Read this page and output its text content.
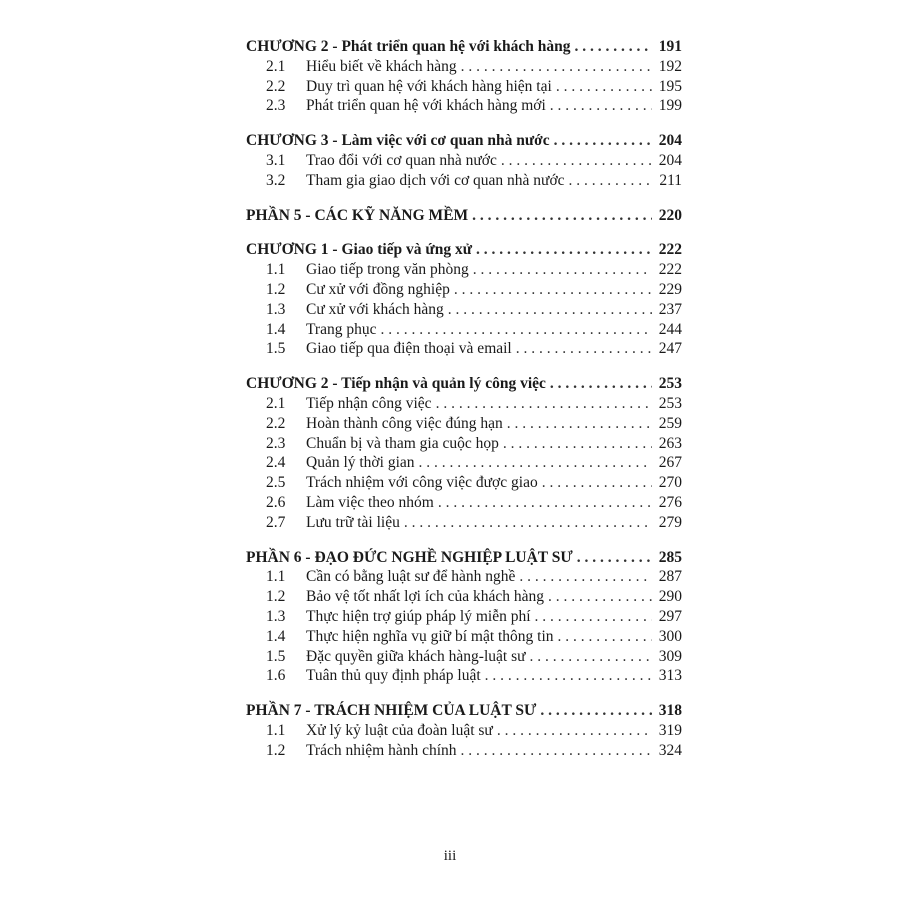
CHƯƠNG 2 - Phát triển quan hệ với khách hàng . . .	191
2.1	Hiểu biết về khách hàng . . .	192
2.2	Duy trì quan hệ với khách hàng hiện tại . . .	195
2.3	Phát triển quan hệ với khách hàng mới . . .	199
CHƯƠNG 3 - Làm việc với cơ quan nhà nước . . .	204
3.1	Trao đổi với cơ quan nhà nước . . .	204
3.2	Tham gia giao dịch với cơ quan nhà nước . . .	211
PHẦN 5 - CÁC KỸ NĂNG MỀM . . .	220
CHƯƠNG 1 - Giao tiếp và ứng xử . . .	222
1.1	Giao tiếp trong văn phòng . . .	222
1.2	Cư xử với đồng nghiệp . . .	229
1.3	Cư xử với khách hàng . . .	237
1.4	Trang phục . . .	244
1.5	Giao tiếp qua điện thoại và email . . .	247
CHƯƠNG 2 - Tiếp nhận và quản lý công việc . . .	253
2.1	Tiếp nhận công việc . . .	253
2.2	Hoàn thành công việc đúng hạn . . .	259
2.3	Chuẩn bị và tham gia cuộc họp . . .	263
2.4	Quản lý thời gian . . .	267
2.5	Trách nhiệm với công việc được giao . . .	270
2.6	Làm việc theo nhóm . . .	276
2.7	Lưu trữ tài liệu . . .	279
PHẦN 6 - ĐẠO ĐỨC NGHỀ NGHIỆP LUẬT SƯ . . .	285
1.1	Cần có bằng luật sư để hành nghề . . .	287
1.2	Bảo vệ tốt nhất lợi ích của khách hàng . . .	290
1.3	Thực hiện trợ giúp pháp lý miễn phí . . .	297
1.4	Thực hiện nghĩa vụ giữ bí mật thông tin . . .	300
1.5	Đặc quyền giữa khách hàng-luật sư . . .	309
1.6	Tuân thủ quy định pháp luật . . .	313
PHẦN 7 - TRÁCH NHIỆM CỦA LUẬT SƯ . . .	318
1.1	Xử lý kỷ luật của đoàn luật sư . . .	319
1.2	Trách nhiệm hành chính . . .	324
iii
